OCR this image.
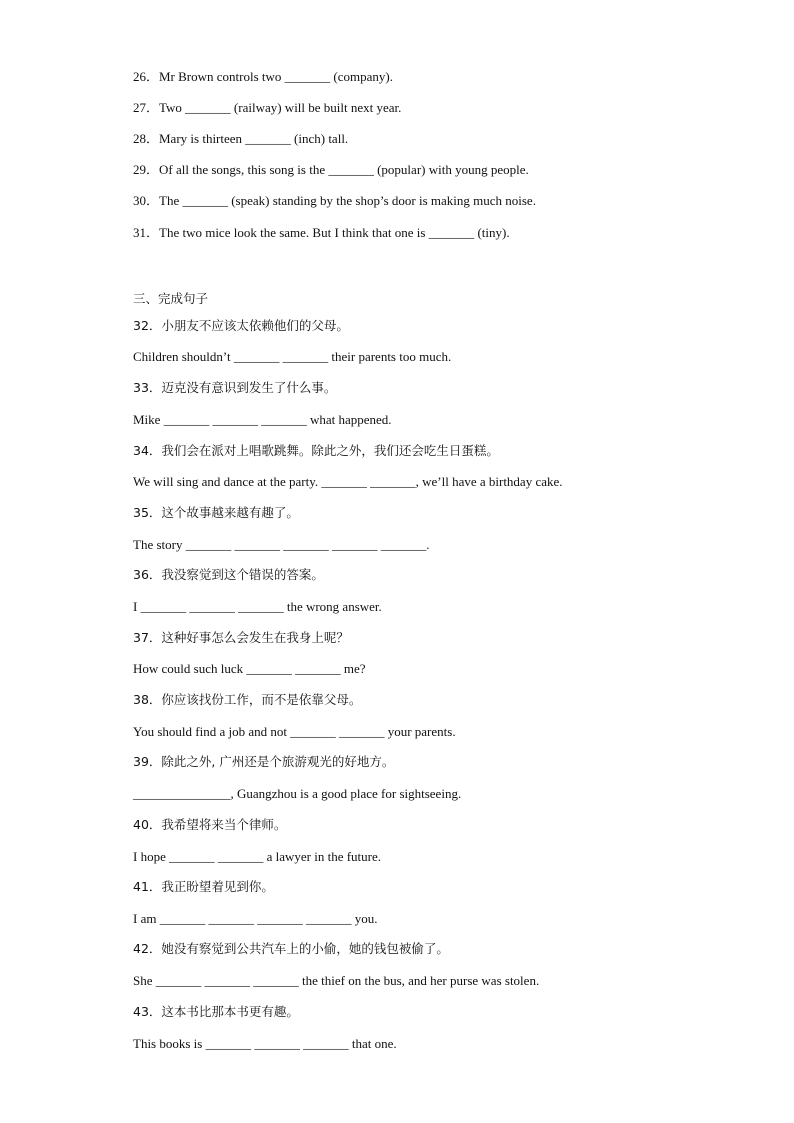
26．Mr Brown controls two _______ (company).
27．Two _______ (railway) will be built next year.
28．Mary is thirteen _______ (inch) tall.
29．Of all the songs, this song is the _______ (popular) with young people.
30．The _______ (speak) standing by the shop’s door is making much noise.
31．The two mice look the same. But I think that one is _______ (tiny).
三、完成句子
32．小朋友不应该太依赖他们的父母。
Children shouldn’t _______ _______ their parents too much.
33．迈克没有意识到发生了什么事。
Mike _______ _______ _______ what happened.
34．我们会在派对上唱歌跳舞。除此之外，我们还会吃生日蛋糕。
We will sing and dance at the party. _______ _______, we’ll have a birthday cake.
35．这个故事越来越有趣了。
The story _______ _______ _______ _______ _______.
36．我没察觉到这个错误的答案。
I _______ _______ _______ the wrong answer.
37．这种好事怎么会发生在我身上呢？
How could such luck _______ _______ me?
38．你应该找份工作，而不是依靠父母。
You should find a job and not _______ _______ your parents.
39．除此之外, 广州还是个旅游观光的好地方。
_______________, Guangzhou is a good place for sightseeing.
40．我希望将来当个律师。
I hope _______ _______ a lawyer in the future.
41．我正盼望着见到你。
I am _______ _______ _______ _______ you.
42．她没有察觉到公共汽车上的小偷，她的钱包被偷了。
She _______ _______ _______ the thief on the bus, and her purse was stolen.
43．这本书比那本书更有趣。
This books is _______ _______ _______ that one.
